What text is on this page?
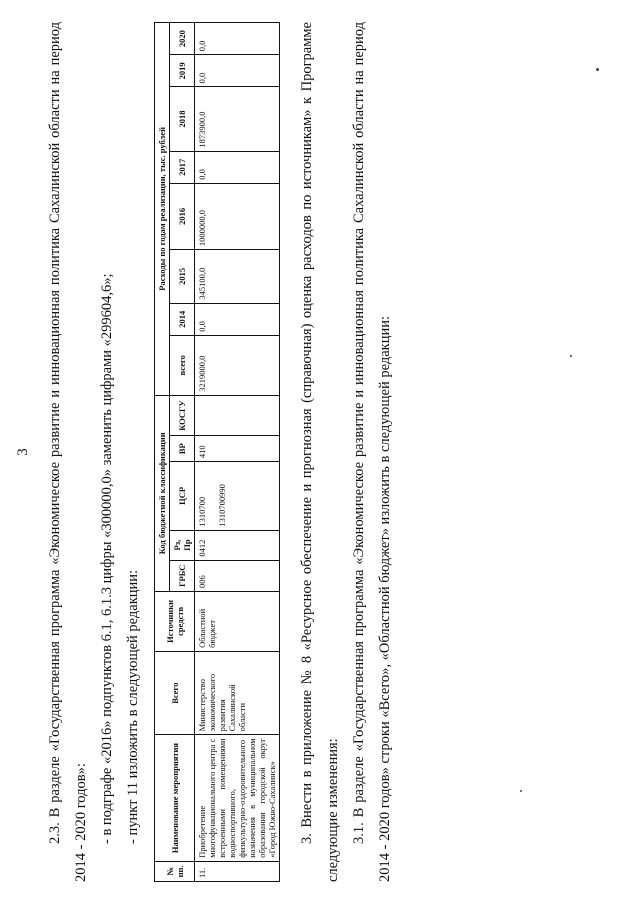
3	2.3. В разделе «Государственная программа «Экономическое развитие и инновационная политика Сахалинской области на период 2014 - 2020 годов»: - в подграфе «2016» подпунктов 6.1, 6.1.3 цифры «300000,0» заменить цифрами «299604,6»; - пункт 11 изложить в следующей редакции:

№ пп.	Наименование мероприятия	Всего	Источники средств	Код бюджетной классификации					Расходы по годам реализации, тыс. рублей							
				ГРБС	Рз, Пр	ЦСР	ВР	КОСГУ	всего	2014	2015	2016	2017	2018	2019	2020
11.	Приобретение многофункционального центра с встроенными помещениями водноспортивного, физкультурно-оздоровительного назначения в муниципальном образовании городской округ «Город Южно-Сахалинск»	Министерство экономического развития Сахалинской области	Областной бюджет	006	0412	1310700 1310700990	410		3219000,0	0,0	345100,0	1000000,0	0,0	1873900,0	0,0	0,0	3. Внести в приложение № 8 «Ресурсное обеспечение и прогнозная (справочная) оценка расходов по источникам» к Программе следующие изменения: 3.1. В разделе «Государственная программа «Экономическое развитие и инновационная политика Сахалинской области на период 2014 - 2020 годов» строки «Всего», «Областной бюджет» изложить в следующей редакции:
